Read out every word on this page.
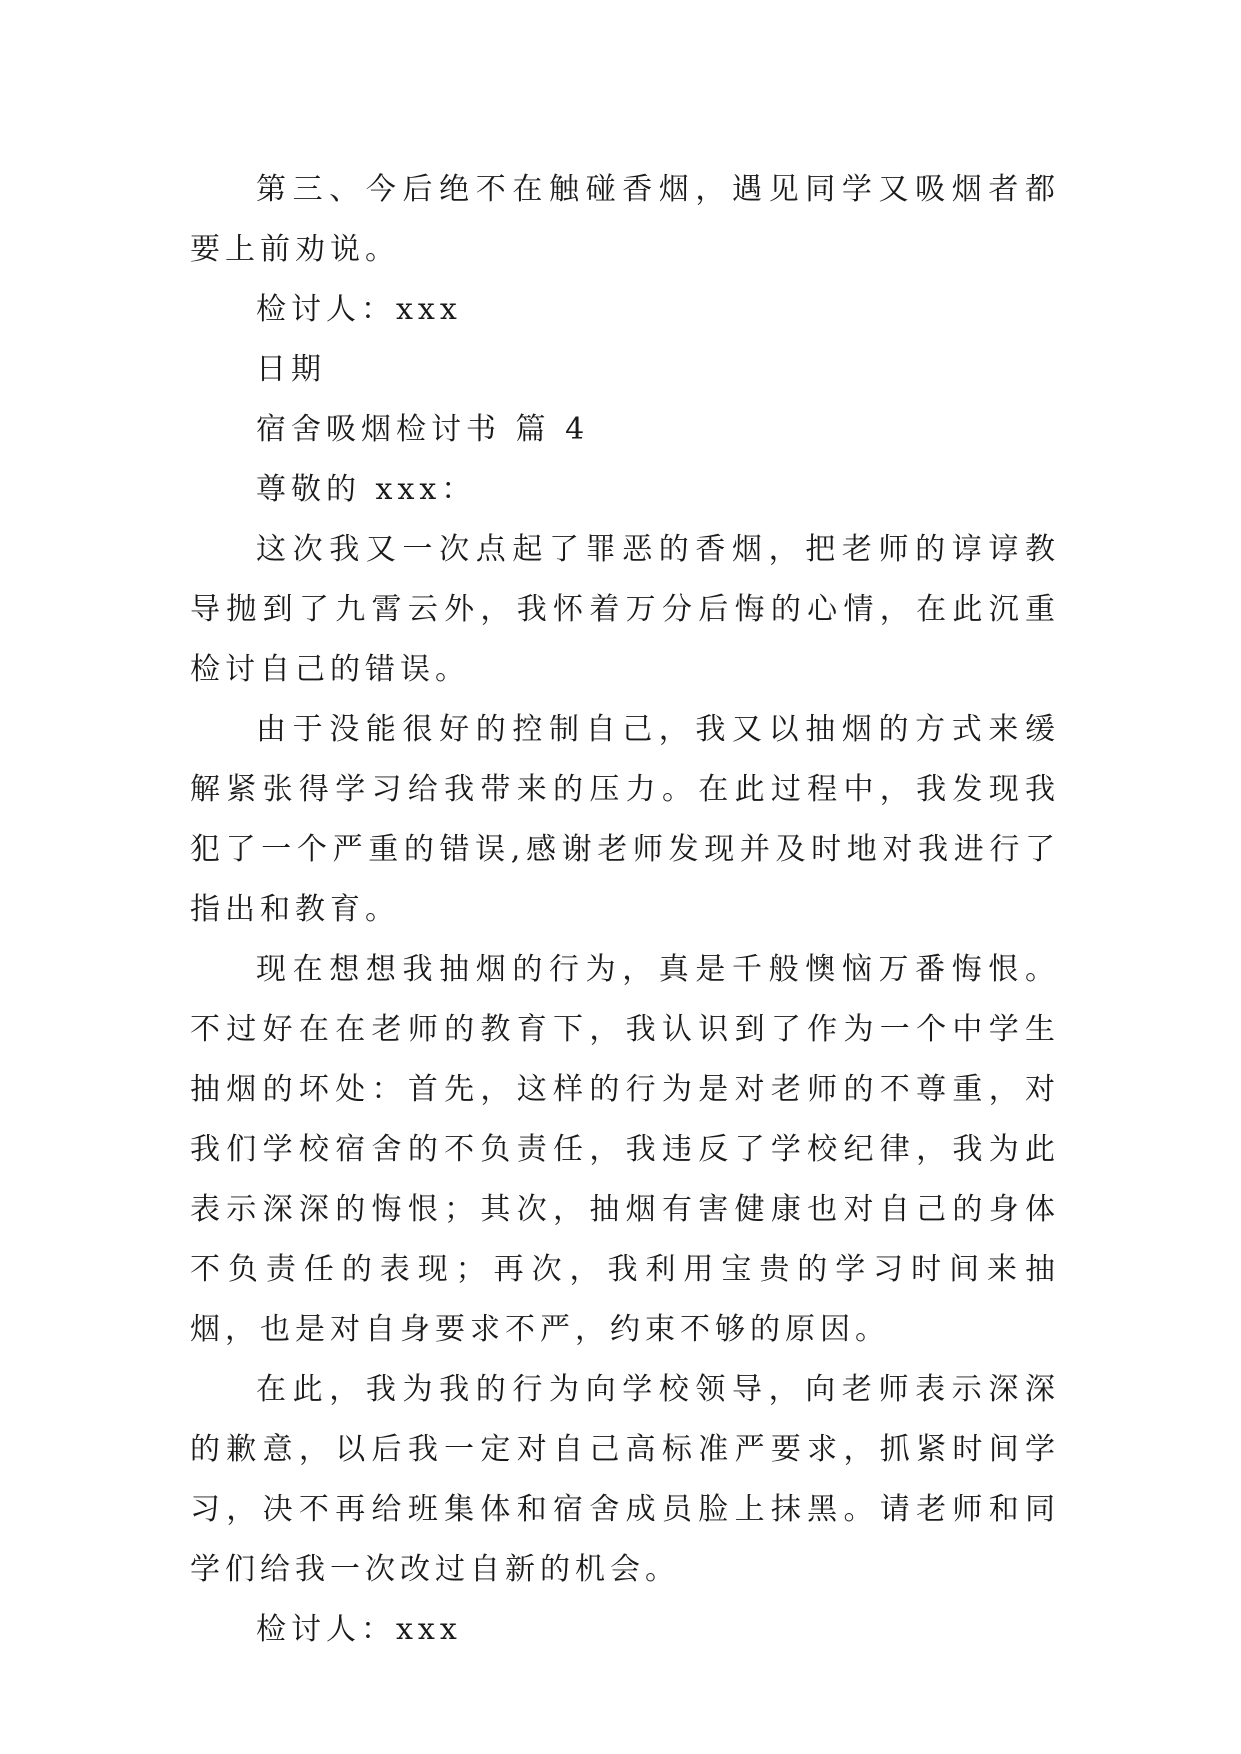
第三、今后绝不在触碰香烟，遇见同学又吸烟者都要上前劝说。

检讨人：xxx

日期

宿舍吸烟检讨书 篇 4

尊敬的 xxx：

这次我又一次点起了罪恶的香烟，把老师的谆谆教导抛到了九霄云外，我怀着万分后悔的心情，在此沉重检讨自己的错误。

由于没能很好的控制自己，我又以抽烟的方式来缓解紧张得学习给我带来的压力。在此过程中，我发现我犯了一个严重的错误,感谢老师发现并及时地对我进行了指出和教育。

现在想想我抽烟的行为，真是千般懊恼万番悔恨。不过好在在老师的教育下，我认识到了作为一个中学生抽烟的坏处：首先，这样的行为是对老师的不尊重，对我们学校宿舍的不负责任，我违反了学校纪律，我为此表示深深的悔恨；其次，抽烟有害健康也对自己的身体不负责任的表现；再次，我利用宝贵的学习时间来抽烟，也是对自身要求不严，约束不够的原因。

在此，我为我的行为向学校领导，向老师表示深深的歉意，以后我一定对自己高标准严要求，抓紧时间学习，决不再给班集体和宿舍成员脸上抹黑。请老师和同学们给我一次改过自新的机会。

检讨人：xxx
